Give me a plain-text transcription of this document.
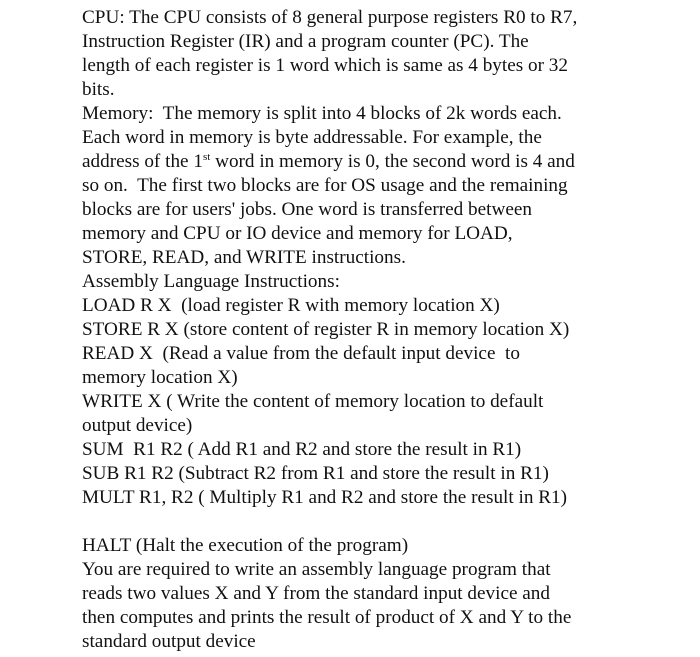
CPU: The CPU consists of 8 general purpose registers R0 to R7,
Instruction Register (IR) and a program counter (PC). The
length of each register is 1 word which is same as 4 bytes or 32
bits.
Memory:  The memory is split into 4 blocks of 2k words each.
Each word in memory is byte addressable. For example, the
address of the 1st word in memory is 0, the second word is 4 and
so on.  The first two blocks are for OS usage and the remaining
blocks are for users' jobs. One word is transferred between
memory and CPU or IO device and memory for LOAD,
STORE, READ, and WRITE instructions.
Assembly Language Instructions:
LOAD R X  (load register R with memory location X)
STORE R X (store content of register R in memory location X)
READ X  (Read a value from the default input device  to
memory location X)
WRITE X ( Write the content of memory location to default
output device)
SUM  R1 R2 ( Add R1 and R2 and store the result in R1)
SUB R1 R2 (Subtract R2 from R1 and store the result in R1)
MULT R1, R2 ( Multiply R1 and R2 and store the result in R1)
HALT (Halt the execution of the program)
You are required to write an assembly language program that
reads two values X and Y from the standard input device and
then computes and prints the result of product of X and Y to the
standard output device
